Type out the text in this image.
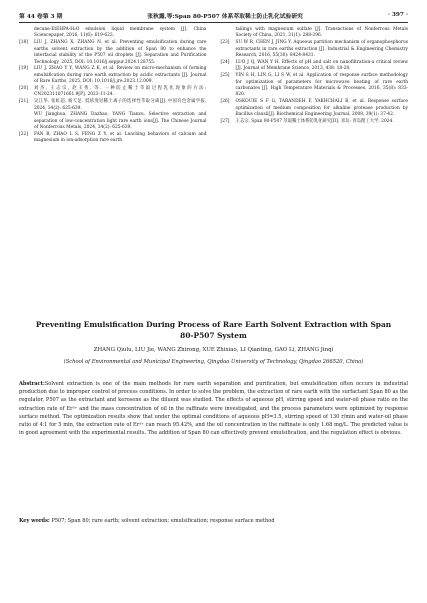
第 44 卷第 3 期	张秋露,等:Span 80-P507 体系萃取稀土防止乳化试验研究	· 397 ·
decane-EtEHPA-H₂O emulsion liquid membrane system [J]. China Sciencepaper, 2016, 11(6): 619-623.
[18]	LIU J, ZHANG X, ZHANG N, et al. Preventing emulsification during rare earths solvent extraction by the addition of Span 80 to enhance the interfacial stability of the P507 oil droplets [J]. Separation and Purification Technology, 2025, DOI: 10.1016/j.seppur.2024.128755.
[19]	LIU J, ZHAO Y Y, WANG Z K, et al. Review on micro-mechanism of forming emulsification during rare earth extraction by acidic extractants [J]. Journal of Rare Earths, 2025, DOI: 10.1016/j.jre.2023.12.009.
[20]	刘杰, 王志宗, 赵玉秀, 等. 一种防止稀土萃取过程乳化现象的方法: CN202311071661.9[P]. 2023-11-24.
[21]	吴江华, 张虹超, 杨天足. 低浓度轻稀土离子的选择性萃取分离[J]. 中国有色金属学报, 2024, 34(2): 625-639.
WU Jianghua, ZHANG Dazhao, YANG Tianzu. Selective extraction and separation of low-concentration light rare earth ions[J]. The Chinese Journal of Nonferrous Metals, 2024, 34(2): 625-639.
[22]	FAN B, ZHAO L S, FENG Z Y, et al. Leaching behaviors of calcium and magnesium in ion-adsorption rare earth
tailings with magnesium sulfate [J]. Transactions of Nonferrous Metals Society of China, 2021, 31(1): 288-296.
[23]	SU W R, CHEN J, JING Y. Aqueous partition mechanism of organophosphorus extractants in rare earths extraction [J]. Industrial & Engineering Chemistry Research, 2016, 55(30): 8424-8431.
[24]	LUO J Q, WAN Y H. Effects of pH and salt on nanofiltration-a critical review [J]. Journal of Membrane Science, 2013, 438: 18-28.
[25]	YIN S H, LIN G, LI S W, et al. Application of response surface methodology for optimization of parameters for microwave heating of rare earth carbonates [J]. High Temperature Materials & Processes, 2016, 35(8): 833-820.
[26]	OSKOUIE S F G, TABANDEH F, YAKHCHALI B, et al. Response surface optimization of medium composition for alkaline protease production by Bacillus clausii[J]. Biochemical Engineering Journal, 2008, 39(1): 37-42.
[27]	王志宗. Span 80-P507 萃取稀土体系防乳化研究[D]. 青岛: 青岛理工大学, 2024.
Preventing Emulsification During Process of Rare Earth Solvent Extraction with Span 80-P507 System
ZHANG Qiulu, LIU Jie, WANG Zhirong, XUE Zhixiao, LI Qianting, GAO Li, ZHANG Jinqi
(School of Environmental and Municipal Engineering, Qingdao University of Technology, Qingdao 266520, China)
Abstract:Solvent extraction is one of the main methods for rare earth separation and purification, but emulsification often occurs in industrial production due to improper control of process conditions. In order to solve the problem, the extraction of rare earth with the surfactant Span 80 as the regulator, P507 as the extractant and kerosene as the diluent was studied. The effects of aqueous pH, stirring speed and water-oil phase ratio on the extraction rate of Er³⁺ and the mass concentration of oil in the raffinate were investigated, and the process parameters were optimized by response surface method. The optimization results show that under the optimal conditions of aqueous pH=3.5, stirring speed of 130 r/min and water-oil phase ratio of 4∶1 for 5 min, the extraction rate of Er³⁺ can reach 95.42%, and the oil concentration in the raffinate is only 1.68 mg/L. The predicted value is in good agreement with the experimental results. The addition of Span 80 can effectively prevent emulsification, and the regulation effect is obvious.
Key words: P507; Span 80; rare earth; solvent extraction; emulsification; response surface method
